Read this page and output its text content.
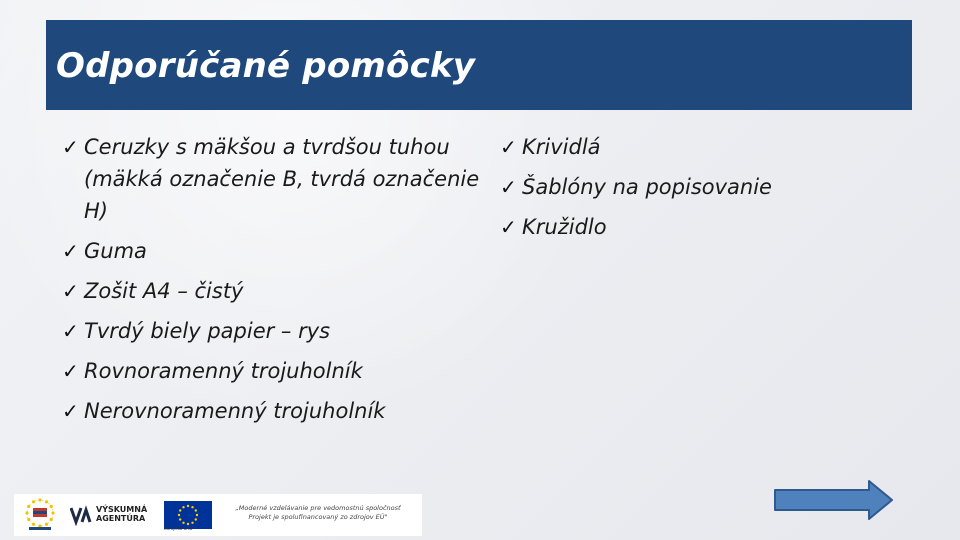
Odporúčané pomôcky
✓ Ceruzky s mäkšou a tvrdšou tuhou (mäkká označenie B, tvrdá označenie H)
✓ Guma
✓ Zošit A4 – čistý
✓ Tvrdý biely papier – rys
✓ Rovnoramenný trojuholník
✓ Nerovnoramenný trojuholník
✓ Krividlá
✓ Šablóny na popisovanie
✓ Kružidlo
VÝSKUMNÁ
AGENTÚRA
Európska únia
„Moderné vzdelávanie pre vedomostnú spoločnosť
Projekt je spolufinancovaný zo zdrojov EÚ"
